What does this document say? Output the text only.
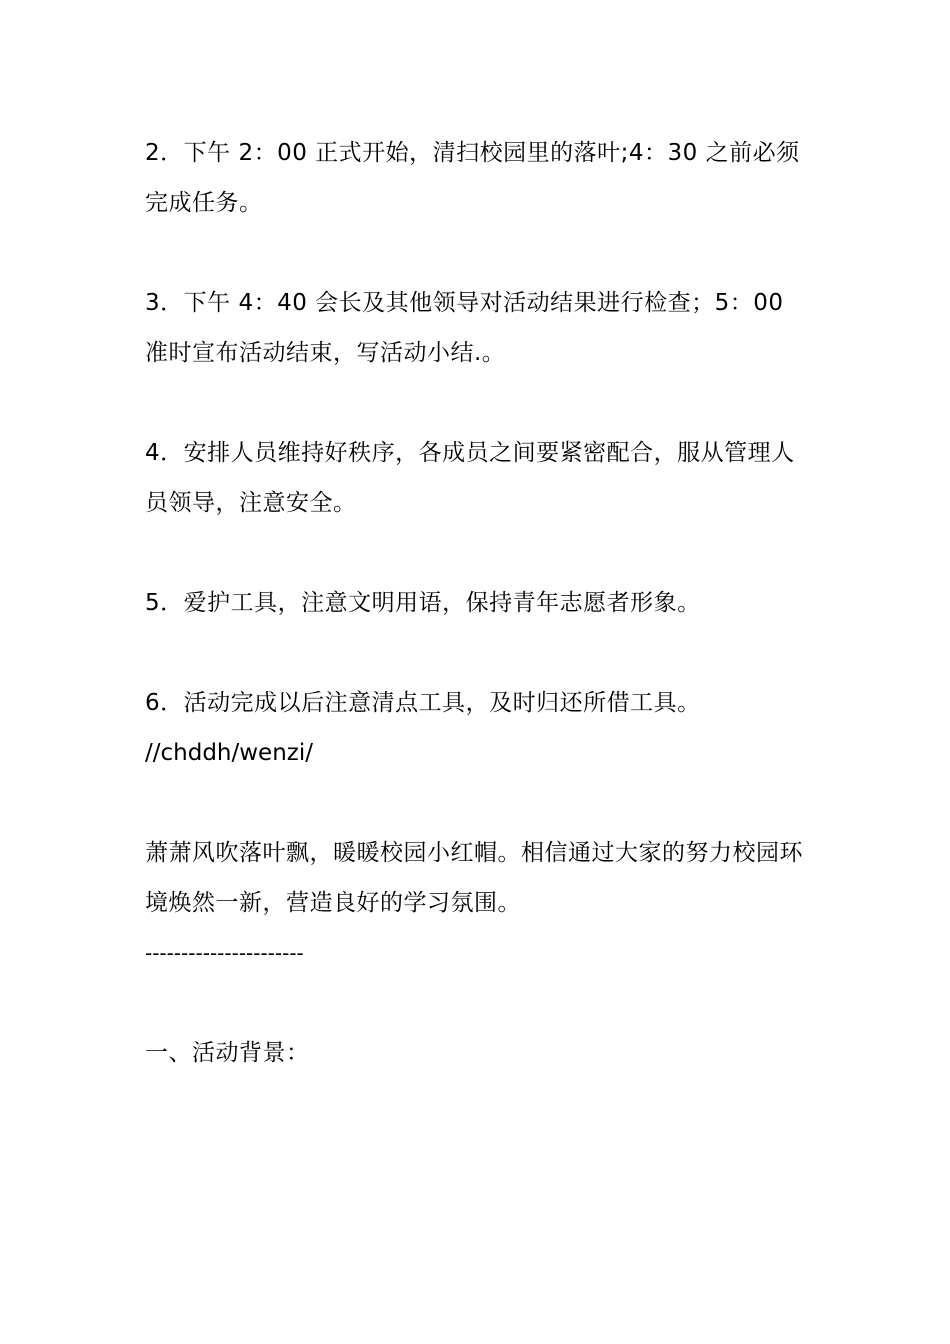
2．下午 2：00 正式开始，清扫校园里的落叶;4：30 之前必须完成任务。

3．下午 4：40 会长及其他领导对活动结果进行检查；5：00 准时宣布活动结束，写活动小结.。

4．安排人员维持好秩序，各成员之间要紧密配合，服从管理人员领导，注意安全。

5．爱护工具，注意文明用语，保持青年志愿者形象。

6．活动完成以后注意清点工具，及时归还所借工具。

//chddh/wenzi/

萧萧风吹落叶飘，暖暖校园小红帽。相信通过大家的努力校园环境焕然一新，营造良好的学习氛围。

----------------------

一、活动背景：
